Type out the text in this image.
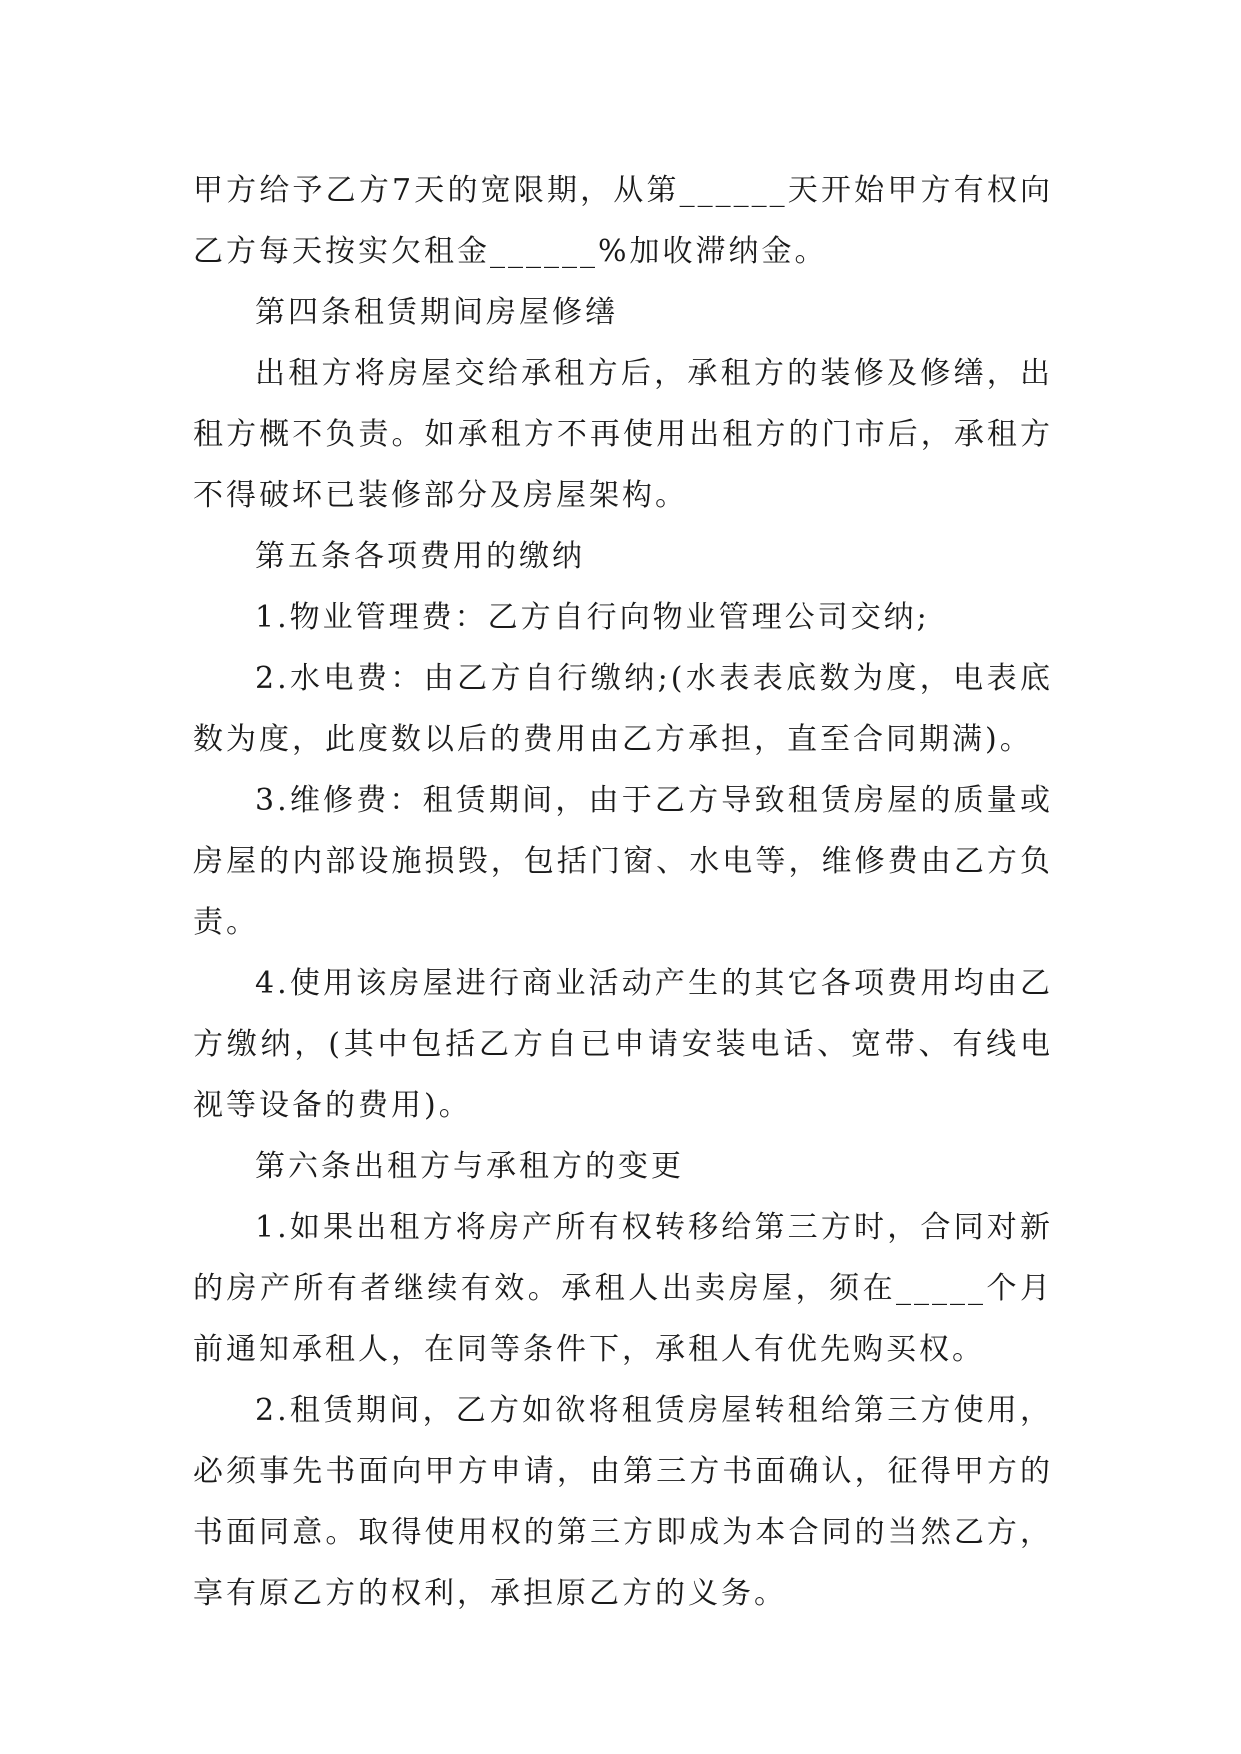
甲方给予乙方7天的宽限期，从第______天开始甲方有权向乙方每天按实欠租金______%加收滞纳金。

第四条租赁期间房屋修缮

出租方将房屋交给承租方后，承租方的装修及修缮，出租方概不负责。如承租方不再使用出租方的门市后，承租方不得破坏已装修部分及房屋架构。

第五条各项费用的缴纳

1.物业管理费：乙方自行向物业管理公司交纳;

2.水电费：由乙方自行缴纳;(水表表底数为度，电表底数为度，此度数以后的费用由乙方承担，直至合同期满)。

3.维修费：租赁期间，由于乙方导致租赁房屋的质量或房屋的内部设施损毁，包括门窗、水电等，维修费由乙方负责。

4.使用该房屋进行商业活动产生的其它各项费用均由乙方缴纳，(其中包括乙方自已申请安装电话、宽带、有线电视等设备的费用)。

第六条出租方与承租方的变更

1.如果出租方将房产所有权转移给第三方时，合同对新的房产所有者继续有效。承租人出卖房屋，须在_____个月前通知承租人，在同等条件下，承租人有优先购买权。

2.租赁期间，乙方如欲将租赁房屋转租给第三方使用，必须事先书面向甲方申请，由第三方书面确认，征得甲方的书面同意。取得使用权的第三方即成为本合同的当然乙方，享有原乙方的权利，承担原乙方的义务。
